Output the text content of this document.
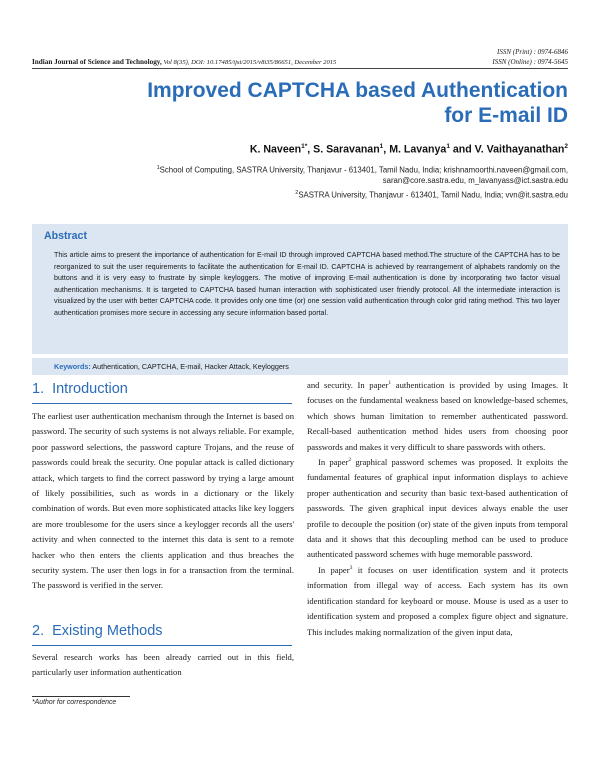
Indian Journal of Science and Technology, Vol 8(35), DOI: 10.17485/ijst/2015/v8i35/86651, December 2015
ISSN (Print) : 0974-6846
ISSN (Online) : 0974-5645
Improved CAPTCHA based Authentication
for E-mail ID
K. Naveen$^{1*}$, S. Saravanan$^1$, M. Lavanya$^1$ and V. Vaithayanathan$^2$
$^1$School of Computing, SASTRA University, Thanjavur - 613401, Tamil Nadu, India; krishnamoorthi.naveen@gmail.com,
saran@core.sastra.edu, m_lavanyass@ict.sastra.edu
$^2$SASTRA University, Thanjavur - 613401, Tamil Nadu, India; vvn@it.sastra.edu
Abstract

This article aims to present the importance of authentication for E-mail ID through improved CAPTCHA based method.The structure of the CAPTCHA has to be reorganized to suit the user requirements to facilitate the authentication for E-mail ID. CAPTCHA is achieved by rearrangement of alphabets randomly on the buttons and it is very easy to frustrate by simple keyloggers. The motive of improving E-mail authentication is done by incorporating two factor visual authentication mechanisms. It is targeted to CAPTCHA based human interaction with sophisticated user friendly protocol. All the intermediate interaction is visualized by the user with better CAPTCHA code. It provides only one time (or) one session valid authentication through color grid rating method. This two layer authentication promises more secure in accessing any secure information based portal.

Keywords: Authentication, CAPTCHA, E-mail, Hacker Attack, Keyloggers
1. Introduction

The earliest user authentication mechanism through the Internet is based on password. The security of such systems is not always reliable. For example, poor password selections, the password capture Trojans, and the reuse of passwords could break the security. One popular attack is called dictionary attack, which targets to find the correct password by trying a large amount of likely possibilities, such as words in a dictionary or the likely combination of words. But even more sophisticated attacks like key loggers are more troublesome for the users since a keylogger records all the users' activity and when connected to the internet this data is sent to a remote hacker who then enters the clients application and thus breaches the security system. The user then logs in for a transaction from the terminal. The password is verified in the server.

2. Existing Methods

Several research works has been already carried out in this field, particularly user information authentication

and security. In paper$^1$ authentication is provided by using Images. It focuses on the fundamental weakness based on knowledge-based schemes, which shows human limitation to remember authenticated password. Recall-based authentication method hides users from choosing poor passwords and makes it very difficult to share passwords with others.

In paper$^2$ graphical password schemes was proposed. It exploits the fundamental features of graphical input information displays to achieve proper authentication and security than basic text-based authentication of passwords. The given graphical input devices always enable the user profile to decouple the position (or) state of the given inputs from temporal data and it shows that this decoupling method can be used to produce authenticated password schemes with huge memorable password.

In paper$^3$ it focuses on user identification system and it protects information from illegal way of access. Each system has its own identification standard for keyboard or mouse. Mouse is used as a user to identification system and proposed a complex figure object and signature. This includes making normalization of the given input data,

*Author for correspondence
